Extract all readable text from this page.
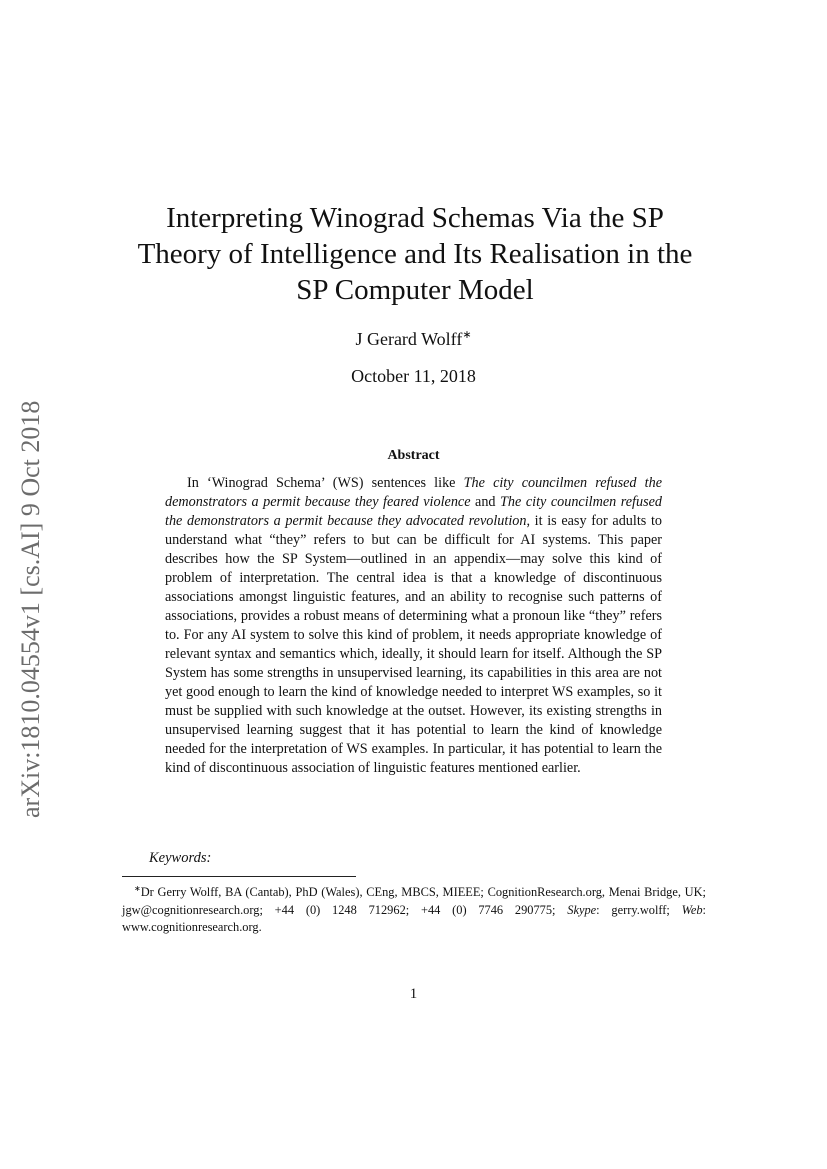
arXiv:1810.04554v1 [cs.AI] 9 Oct 2018
Interpreting Winograd Schemas Via the SP
Theory of Intelligence and Its Realisation in the
SP Computer Model
J Gerard Wolff∗
October 11, 2018
Abstract

In ‘Winograd Schema’ (WS) sentences like The city councilmen refused the demonstrators a permit because they feared violence and The city councilmen refused the demonstrators a permit because they advocated revolution, it is easy for adults to understand what “they” refers to but can be difficult for AI systems. This paper describes how the SP System—outlined in an appendix—may solve this kind of problem of interpretation. The central idea is that a knowledge of discontinuous associations amongst linguistic features, and an ability to recognise such patterns of associations, provides a robust means of determining what a pronoun like “they” refers to. For any AI system to solve this kind of problem, it needs appropriate knowledge of relevant syntax and semantics which, ideally, it should learn for itself. Although the SP System has some strengths in unsupervised learning, its capabilities in this area are not yet good enough to learn the kind of knowledge needed to interpret WS examples, so it must be supplied with such knowledge at the outset. However, its existing strengths in unsupervised learning suggest that it has potential to learn the kind of knowledge needed for the interpretation of WS examples. In particular, it has potential to learn the kind of discontinuous association of linguistic features mentioned earlier.

Keywords:

∗Dr Gerry Wolff, BA (Cantab), PhD (Wales), CEng, MBCS, MIEEE; CognitionResearch.org, Menai Bridge, UK; jgw@cognitionresearch.org; +44 (0) 1248 712962; +44 (0) 7746 290775; Skype: gerry.wolff; Web: www.cognitionresearch.org.

1
